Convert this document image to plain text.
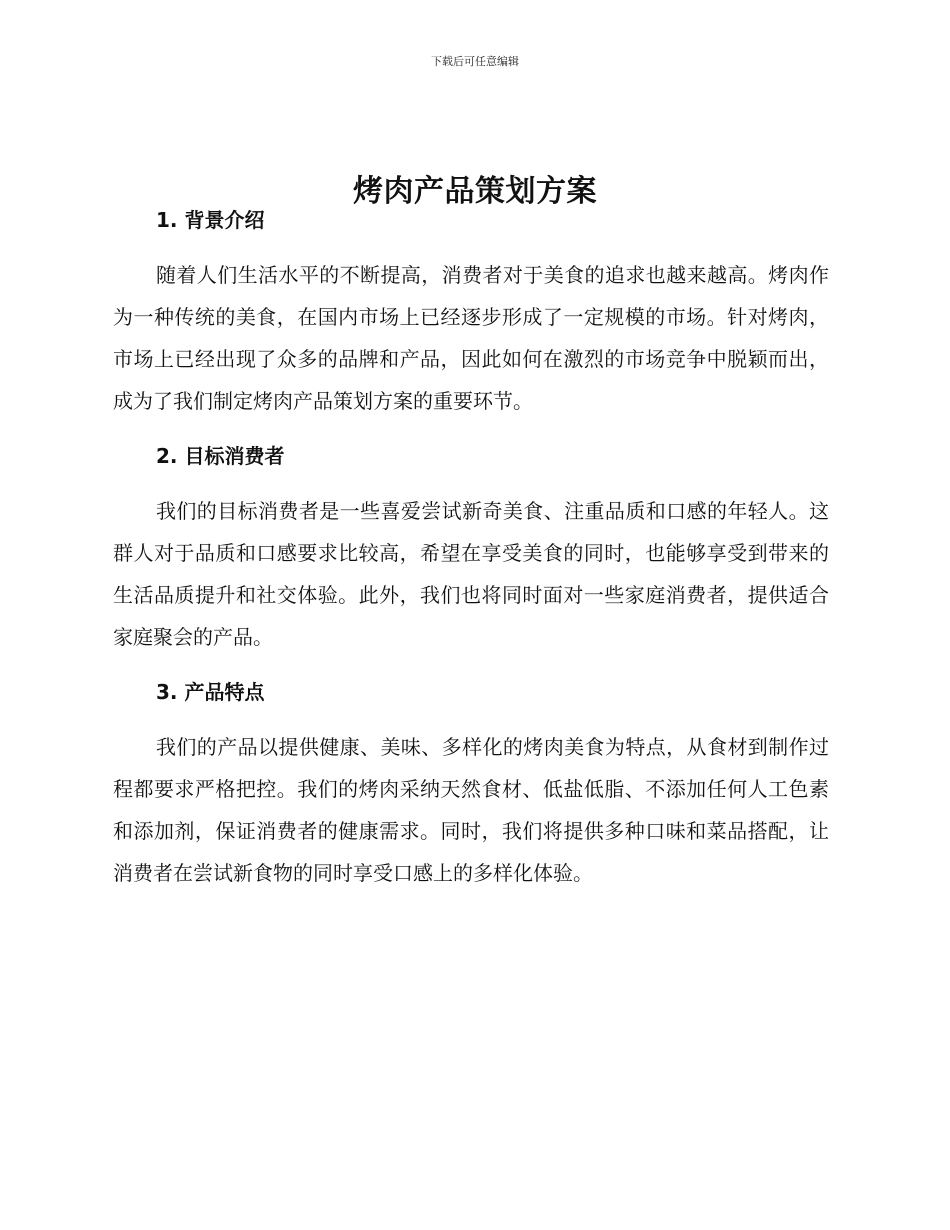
下载后可任意编辑
烤肉产品策划方案
1. 背景介绍

随着人们生活水平的不断提高，消费者对于美食的追求也越来越高。烤肉作为一种传统的美食，在国内市场上已经逐步形成了一定规模的市场。针对烤肉，市场上已经出现了众多的品牌和产品，因此如何在激烈的市场竞争中脱颖而出，成为了我们制定烤肉产品策划方案的重要环节。

2. 目标消费者

我们的目标消费者是一些喜爱尝试新奇美食、注重品质和口感的年轻人。这群人对于品质和口感要求比较高，希望在享受美食的同时，也能够享受到带来的生活品质提升和社交体验。此外，我们也将同时面对一些家庭消费者，提供适合家庭聚会的产品。

3. 产品特点

我们的产品以提供健康、美味、多样化的烤肉美食为特点，从食材到制作过程都要求严格把控。我们的烤肉采纳天然食材、低盐低脂、不添加任何人工色素和添加剂，保证消费者的健康需求。同时，我们将提供多种口味和菜品搭配，让消费者在尝试新食物的同时享受口感上的多样化体验。
